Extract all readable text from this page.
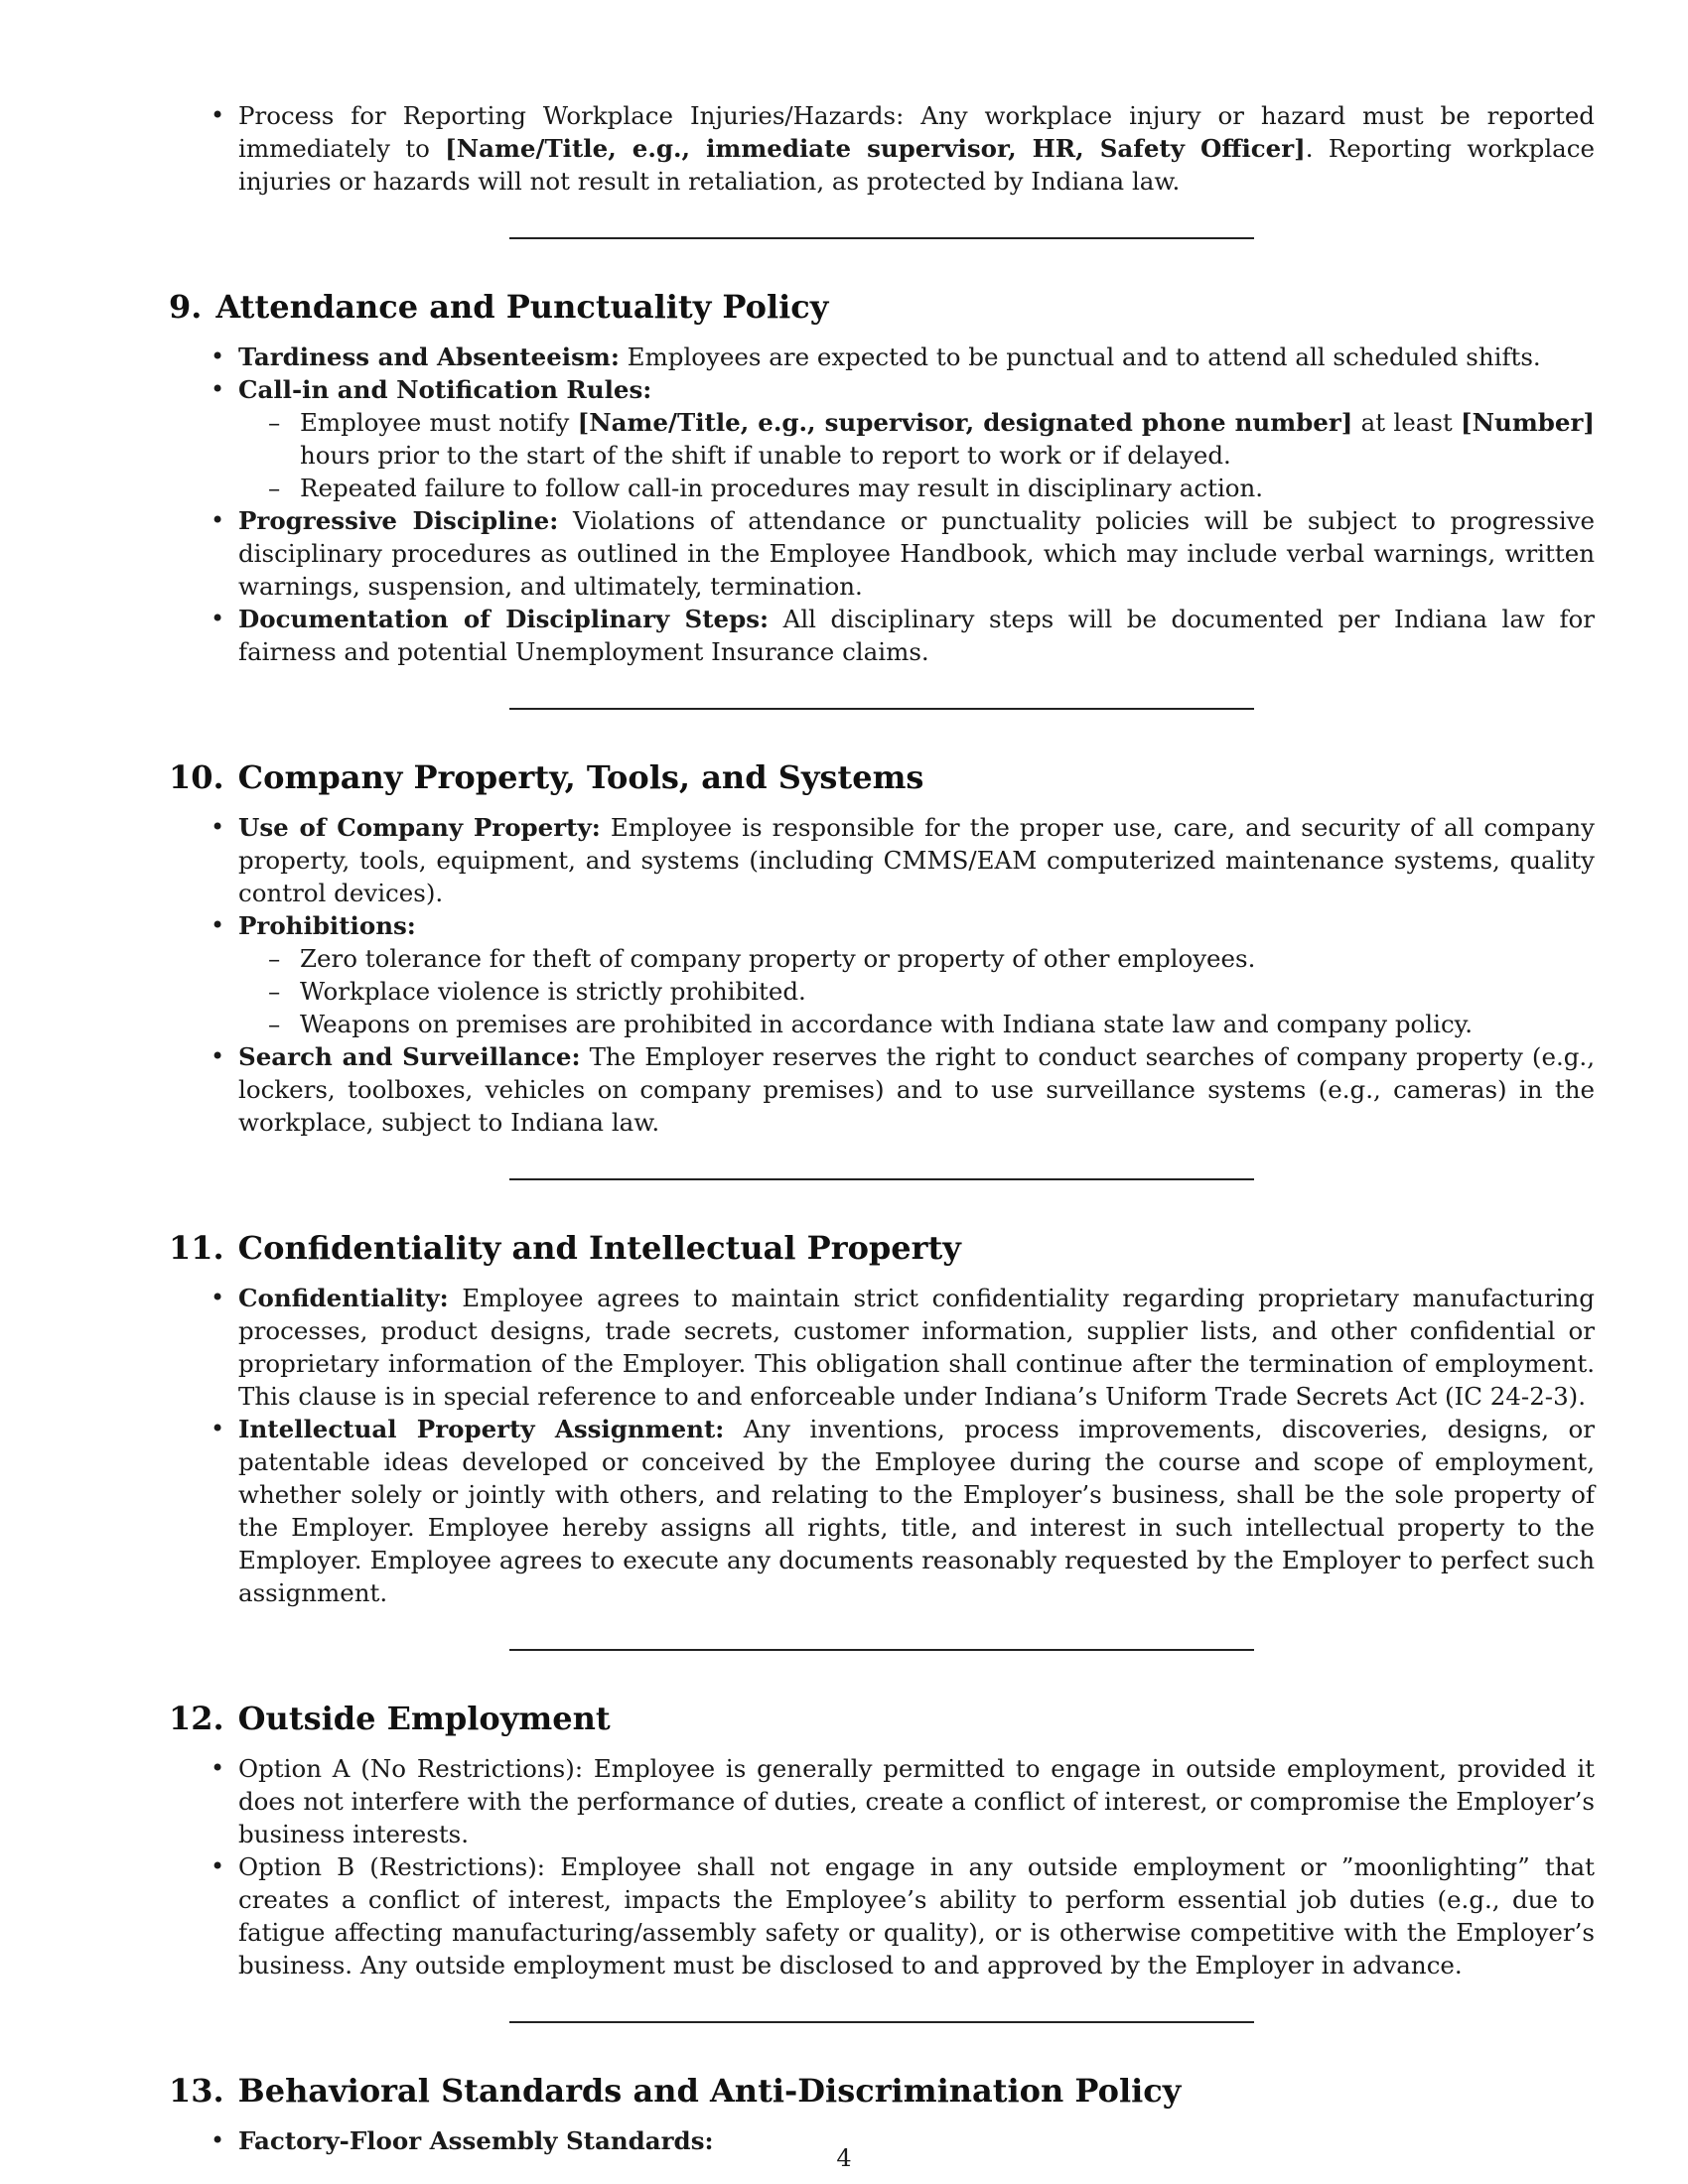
• Process for Reporting Workplace Injuries/Hazards: Any workplace injury or hazard must be reported immediately to [Name/Title, e.g., immediate supervisor, HR, Safety Officer]. Reporting workplace injuries or hazards will not result in retaliation, as protected by Indiana law.
9. Attendance and Punctuality Policy
• Tardiness and Absenteeism: Employees are expected to be punctual and to attend all scheduled shifts.
• Call-in and Notification Rules:
– Employee must notify [Name/Title, e.g., supervisor, designated phone number] at least [Number] hours prior to the start of the shift if unable to report to work or if delayed.
– Repeated failure to follow call-in procedures may result in disciplinary action.
• Progressive Discipline: Violations of attendance or punctuality policies will be subject to progressive disciplinary procedures as outlined in the Employee Handbook, which may include verbal warnings, written warnings, suspension, and ultimately, termination.
• Documentation of Disciplinary Steps: All disciplinary steps will be documented per Indiana law for fairness and potential Unemployment Insurance claims.
10. Company Property, Tools, and Systems
• Use of Company Property: Employee is responsible for the proper use, care, and security of all company property, tools, equipment, and systems (including CMMS/EAM computerized maintenance systems, quality control devices).
• Prohibitions:
– Zero tolerance for theft of company property or property of other employees.
– Workplace violence is strictly prohibited.
– Weapons on premises are prohibited in accordance with Indiana state law and company policy.
• Search and Surveillance: The Employer reserves the right to conduct searches of company property (e.g., lockers, toolboxes, vehicles on company premises) and to use surveillance systems (e.g., cameras) in the workplace, subject to Indiana law.
11. Confidentiality and Intellectual Property
• Confidentiality: Employee agrees to maintain strict confidentiality regarding proprietary manufacturing processes, product designs, trade secrets, customer information, supplier lists, and other confidential or proprietary information of the Employer. This obligation shall continue after the termination of employment. This clause is in special reference to and enforceable under Indiana’s Uniform Trade Secrets Act (IC 24-2-3).
• Intellectual Property Assignment: Any inventions, process improvements, discoveries, designs, or patentable ideas developed or conceived by the Employee during the course and scope of employment, whether solely or jointly with others, and relating to the Employer’s business, shall be the sole property of the Employer. Employee hereby assigns all rights, title, and interest in such intellectual property to the Employer. Employee agrees to execute any documents reasonably requested by the Employer to perfect such assignment.
12. Outside Employment
• Option A (No Restrictions): Employee is generally permitted to engage in outside employment, provided it does not interfere with the performance of duties, create a conflict of interest, or compromise the Employer’s business interests.
• Option B (Restrictions): Employee shall not engage in any outside employment or ”moonlighting” that creates a conflict of interest, impacts the Employee’s ability to perform essential job duties (e.g., due to fatigue affecting manufacturing/assembly safety or quality), or is otherwise competitive with the Employer’s business. Any outside employment must be disclosed to and approved by the Employer in advance.
13. Behavioral Standards and Anti-Discrimination Policy
• Factory-Floor Assembly Standards:
4
